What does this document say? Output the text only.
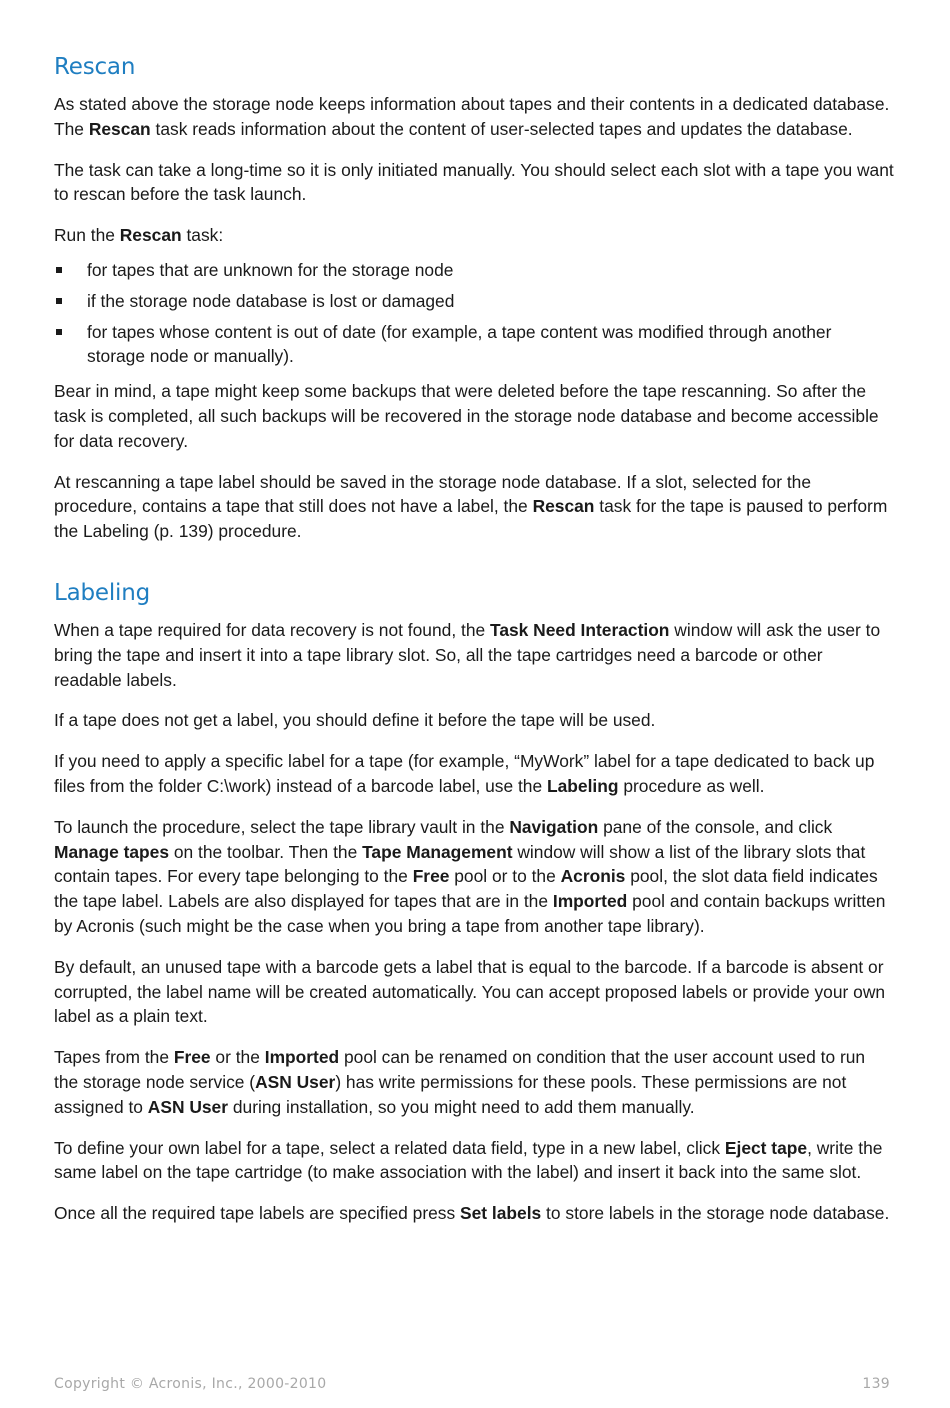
Rescan

As stated above the storage node keeps information about tapes and their contents in a dedicated database. The Rescan task reads information about the content of user-selected tapes and updates the database.

The task can take a long-time so it is only initiated manually. You should select each slot with a tape you want to rescan before the task launch.

Run the Rescan task:

for tapes that are unknown for the storage node
if the storage node database is lost or damaged
for tapes whose content is out of date (for example, a tape content was modified through another storage node or manually).

Bear in mind, a tape might keep some backups that were deleted before the tape rescanning. So after the task is completed, all such backups will be recovered in the storage node database and become accessible for data recovery.

At rescanning a tape label should be saved in the storage node database. If a slot, selected for the procedure, contains a tape that still does not have a label, the Rescan task for the tape is paused to perform the Labeling (p. 139) procedure.

Labeling

When a tape required for data recovery is not found, the Task Need Interaction window will ask the user to bring the tape and insert it into a tape library slot. So, all the tape cartridges need a barcode or other readable labels.

If a tape does not get a label, you should define it before the tape will be used.

If you need to apply a specific label for a tape (for example, “MyWork” label for a tape dedicated to back up files from the folder C:\work) instead of a barcode label, use the Labeling procedure as well.

To launch the procedure, select the tape library vault in the Navigation pane of the console, and click Manage tapes on the toolbar. Then the Tape Management window will show a list of the library slots that contain tapes. For every tape belonging to the Free pool or to the Acronis pool, the slot data field indicates the tape label. Labels are also displayed for tapes that are in the Imported pool and contain backups written by Acronis (such might be the case when you bring a tape from another tape library).

By default, an unused tape with a barcode gets a label that is equal to the barcode. If a barcode is absent or corrupted, the label name will be created automatically. You can accept proposed labels or provide your own label as a plain text.

Tapes from the Free or the Imported pool can be renamed on condition that the user account used to run the storage node service (ASN User) has write permissions for these pools. These permissions are not assigned to ASN User during installation, so you might need to add them manually.

To define your own label for a tape, select a related data field, type in a new label, click Eject tape, write the same label on the tape cartridge (to make association with the label) and insert it back into the same slot.

Once all the required tape labels are specified press Set labels to store labels in the storage node database.

Copyright © Acronis, Inc., 2000-2010	139
